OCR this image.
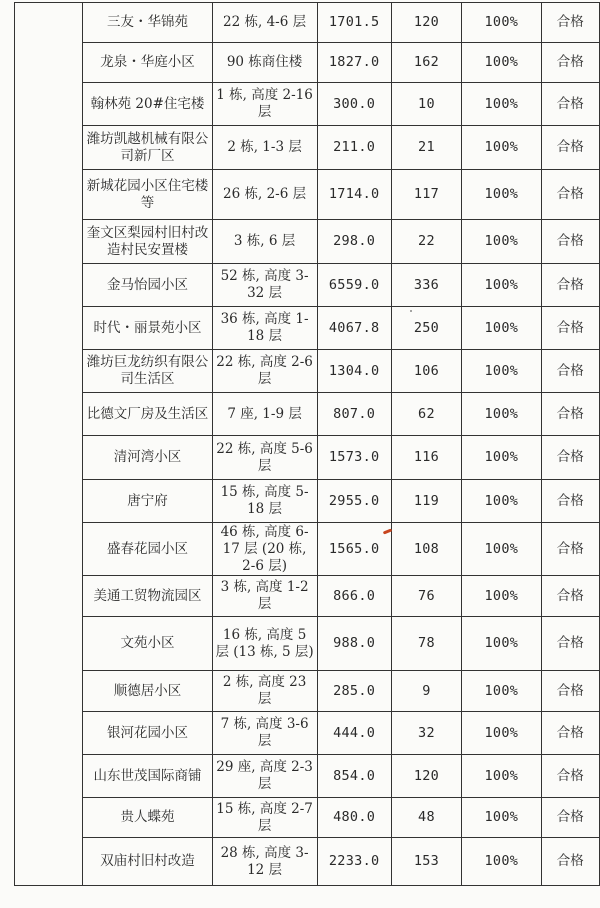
	三友・华锦苑	22 栋, 4-6 层	1701.5	120	100%	合格
	龙泉・华庭小区	90 栋商住楼	1827.0	162	100%	合格
	翰林苑 20#住宅楼	1 栋, 高度 2-16 层	300.0	10	100%	合格
	潍坊凯越机械有限公司新厂区	2 栋, 1-3 层	211.0	21	100%	合格
	新城花园小区住宅楼等	26 栋, 2-6 层	1714.0	117	100%	合格
	奎文区梨园村旧村改造村民安置楼	3 栋, 6 层	298.0	22	100%	合格
	金马怡园小区	52 栋, 高度 3-32 层	6559.0	336	100%	合格
	时代・丽景苑小区	36 栋, 高度 1-18 层	4067.8	250	100%	合格
	潍坊巨龙纺织有限公司生活区	22 栋, 高度 2-6 层	1304.0	106	100%	合格
	比德文厂房及生活区	7 座, 1-9 层	807.0	62	100%	合格
	清河湾小区	22 栋, 高度 5-6 层	1573.0	116	100%	合格
	唐宁府	15 栋, 高度 5-18 层	2955.0	119	100%	合格
	盛春花园小区	46 栋, 高度 6-17 层 (20 栋, 2-6 层)	1565.0	108	100%	合格
	美通工贸物流园区	3 栋, 高度 1-2 层	866.0	76	100%	合格
	文苑小区	16 栋, 高度 5 层 (13 栋, 5 层)	988.0	78	100%	合格
	顺德居小区	2 栋, 高度 23 层	285.0	9	100%	合格
	银河花园小区	7 栋, 高度 3-6 层	444.0	32	100%	合格
	山东世茂国际商铺	29 座, 高度 2-3 层	854.0	120	100%	合格
	贵人蝶苑	15 栋, 高度 2-7 层	480.0	48	100%	合格
	双庙村旧村改造	28 栋, 高度 3-12 层	2233.0	153	100%	合格
